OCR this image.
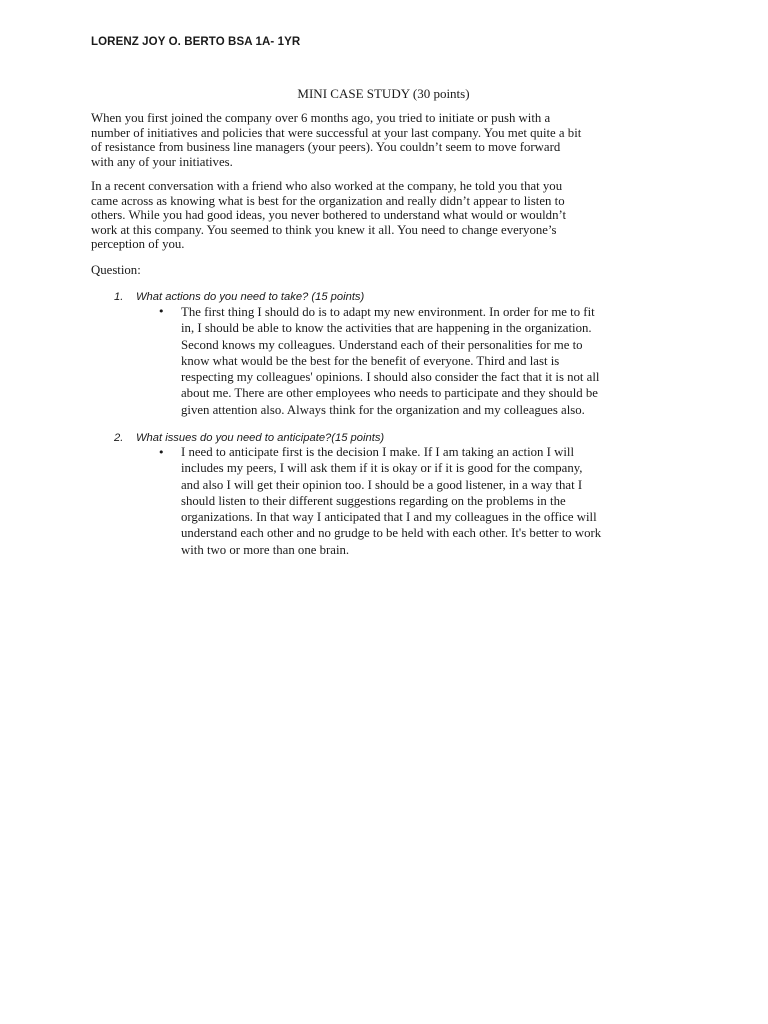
LORENZ JOY O. BERTO BSA 1A- 1YR
MINI CASE STUDY (30 points)

When you first joined the company over 6 months ago, you tried to initiate or push with a

number of initiatives and policies that were successful at your last company. You met quite a bit

of resistance from business line managers (your peers). You couldn’t seem to move forward

with any of your initiatives.

In a recent conversation with a friend who also worked at the company, he told you that you

came across as knowing what is best for the organization and really didn’t appear to listen to

others. While you had good ideas, you never bothered to understand what would or wouldn’t

work at this company. You seemed to think you knew it all. You need to change everyone’s

perception of you.

Question:
1. What actions do you need to take? (15 points)
• The first thing I should do is to adapt my new environment. In order for me to fit

in, I should be able to know the activities that are happening in the organization.

Second knows my colleagues. Understand each of their personalities for me to

know what would be the best for the benefit of everyone. Third and last is

respecting my colleagues' opinions. I should also consider the fact that it is not all

about me. There are other employees who needs to participate and they should be

given attention also. Always think for the organization and my colleagues also.

2. What issues do you need to anticipate?(15 points)
• I need to anticipate first is the decision I make. If I am taking an action I will

includes my peers, I will ask them if it is okay or if it is good for the company,

and also I will get their opinion too. I should be a good listener, in a way that I

should listen to their different suggestions regarding on the problems in the

organizations. In that way I anticipated that I and my colleagues in the office will

understand each other and no grudge to be held with each other. It's better to work

with two or more than one brain.
